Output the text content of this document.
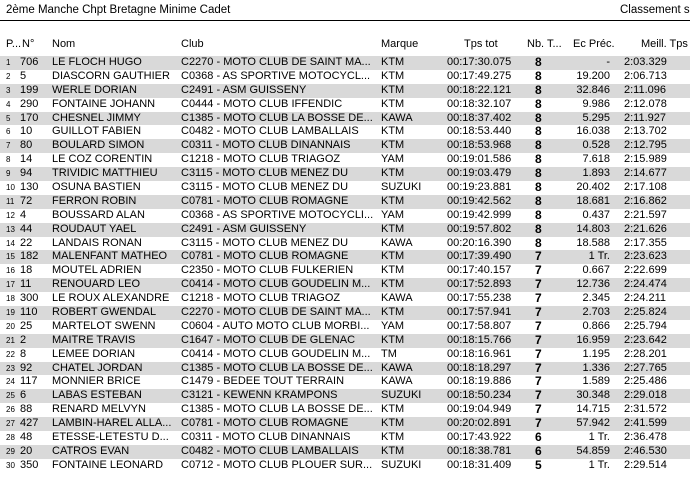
2ème Manche Chpt Bretagne Minime Cadet	Classement s
P... N° Nom	Club	Marque	Tps tot	Nb. T... Ec Préc. Meill. Tps
1 706	LE FLOCH HUGO	C2270 - MOTO CLUB DE SAINT MA... KTM	00:17:30.075	8	- 2:03.329
2 5	DIASCORN GAUTHIER	C0368 - AS SPORTIVE MOTOCYCL... KTM	00:17:49.275	8	19.200 2:06.713
3 199	WERLE DORIAN	C2491 - ASM GUISSENY	KTM	00:18:22.121	8	32.846 2:11.096
4 290	FONTAINE JOHANN	C0444 - MOTO CLUB IFFENDIC	KTM	00:18:32.107	8	9.986 2:12.078
5 170	CHESNEL JIMMY	C1385 - MOTO CLUB LA BOSSE DE... KAWA	00:18:37.402	8	5.295 2:11.927
6 10	GUILLOT FABIEN	C0482 - MOTO CLUB LAMBALLAIS	KTM	00:18:53.440	8	16.038 2:13.702
7 80	BOULARD SIMON	C0311 - MOTO CLUB DINANNAIS	KTM	00:18:53.968	8	0.528 2:12.795
8 14	LE COZ CORENTIN	C1218 - MOTO CLUB TRIAGOZ	YAM	00:19:01.586	8	7.618 2:15.989
9 94	TRIVIDIC MATTHIEU	C3115 - MOTO CLUB MENEZ DU	KTM	00:19:03.479	8	1.893 2:14.677
10 130	OSUNA BASTIEN	C3115 - MOTO CLUB MENEZ DU	SUZUKI	00:19:23.881	8	20.402 2:17.108
11 72	FERRON ROBIN	C0781 - MOTO CLUB ROMAGNE	KTM	00:19:42.562	8	18.681 2:16.862
12 4	BOUSSARD ALAN	C0368 - AS SPORTIVE MOTOCYCLI... YAM	00:19:42.999	8	0.437 2:21.597
13 44	ROUDAUT YAEL	C2491 - ASM GUISSENY	KTM	00:19:57.802	8	14.803 2:21.626
14 22	LANDAIS RONAN	C3115 - MOTO CLUB MENEZ DU	KAWA	00:20:16.390	8	18.588 2:17.355
15 182	MALENFANT MATHEO	C0781 - MOTO CLUB ROMAGNE	KTM	00:17:39.490	7	1 Tr. 2:23.623
16 18	MOUTEL ADRIEN	C2350 - MOTO CLUB FULKERIEN	KTM	00:17:40.157	7	0.667 2:22.699
17 11	RENOUARD LEO	C0414 - MOTO CLUB GOUDELIN M... KTM	00:17:52.893	7	12.736 2:24.474
18 300	LE ROUX ALEXANDRE	C1218 - MOTO CLUB TRIAGOZ	KAWA	00:17:55.238	7	2.345 2:24.211
19 110	ROBERT GWENDAL	C2270 - MOTO CLUB DE SAINT MA... KTM	00:17:57.941	7	2.703 2:25.824
20 25	MARTELOT SWENN	C0604 - AUTO MOTO CLUB MORBI...	YAM	00:17:58.807	7	0.866 2:25.794
21 2	MAITRE TRAVIS	C1647 - MOTO CLUB DE GLENAC	KTM	00:18:15.766	7	16.959 2:23.642
22 8	LEMEE DORIAN	C0414 - MOTO CLUB GOUDELIN M... TM	00:18:16.961	7	1.195 2:28.201
23 92	CHATEL JORDAN	C1385 - MOTO CLUB LA BOSSE DE... KAWA	00:18:18.297	7	1.336 2:27.765
24 117	MONNIER BRICE	C1479 - BEDEE TOUT TERRAIN	KAWA	00:18:19.886	7	1.589 2:25.486
25 6	LABAS ESTEBAN	C3121 - KEWENN KRAMPONS	SUZUKI	00:18:50.234	7	30.348 2:29.018
26 88	RENARD MELVYN	C1385 - MOTO CLUB LA BOSSE DE... KTM	00:19:04.949	7	14.715 2:31.572
27 427	LAMBIN-HAREL ALLA... C0781 - MOTO CLUB ROMAGNE	KTM	00:20:02.891	7	57.942 2:41.599
28 48	ETESSE-LETESTU D...	C0311 - MOTO CLUB DINANNAIS	KTM	00:17:43.922	6	1 Tr. 2:36.478
29 20	CATROS EVAN	C0482 - MOTO CLUB LAMBALLAIS	KTM	00:18:38.781	6	54.859 2:46.530
30 350	FONTAINE LEONARD	C0712 - MOTO CLUB PLOUER SUR... SUZUKI	00:18:31.409	5	1 Tr. 2:29.514
